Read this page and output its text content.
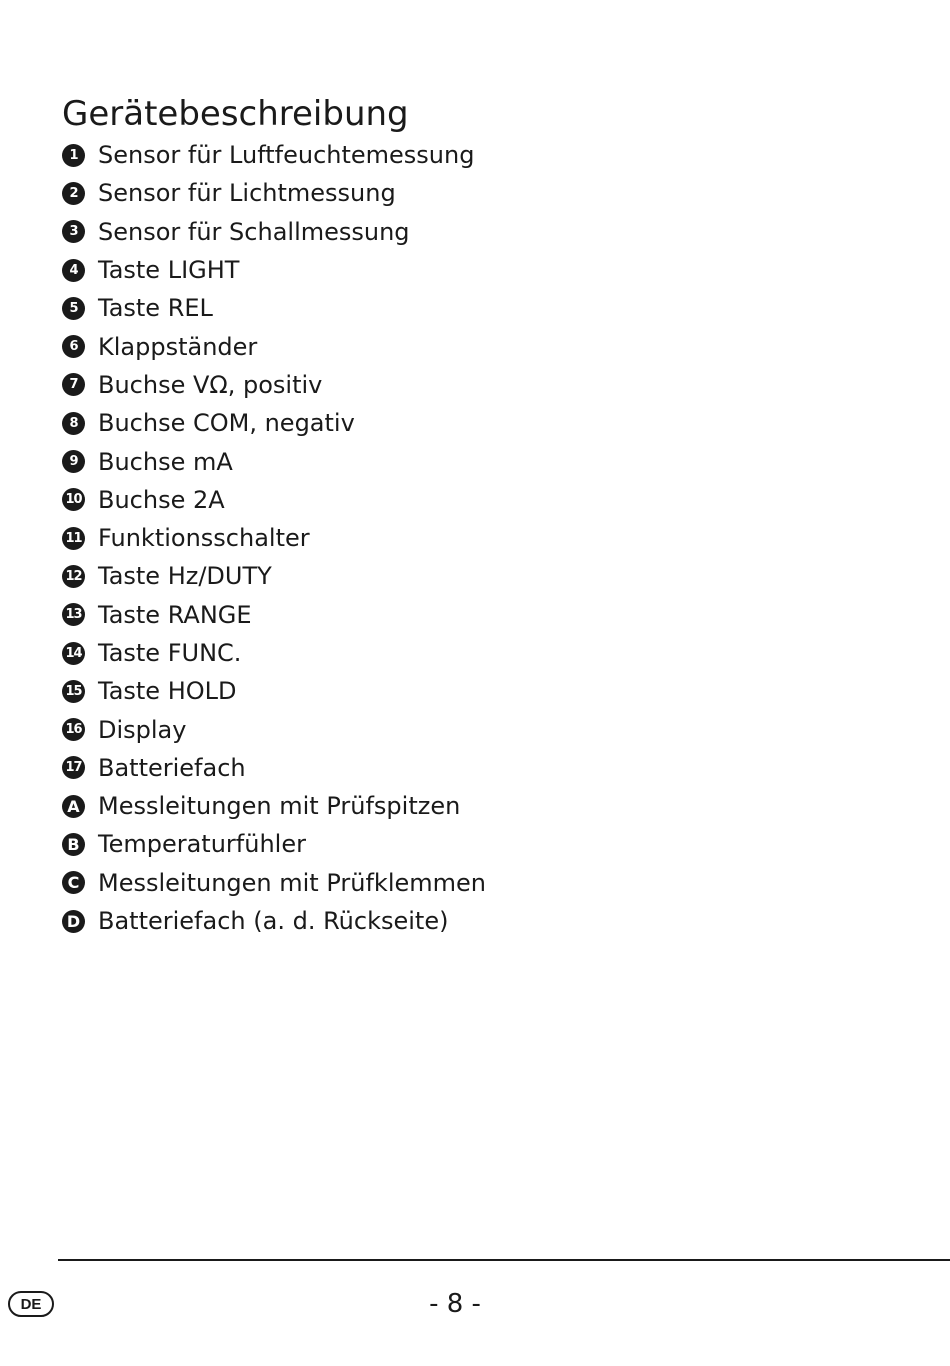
Gerätebeschreibung
1 Sensor für Luftfeuchtemessung
2 Sensor für Lichtmessung
3 Sensor für Schallmessung
4 Taste LIGHT
5 Taste REL
6 Klappständer
7 Buchse VΩ, positiv
8 Buchse COM, negativ
9 Buchse mA
10 Buchse 2A
11 Funktionsschalter
12 Taste Hz/DUTY
13 Taste RANGE
14 Taste FUNC.
15 Taste HOLD
16 Display
17 Batteriefach
A Messleitungen mit Prüfspitzen
B Temperaturfühler
C Messleitungen mit Prüfklemmen
D Batteriefach (a. d. Rückseite)
DE	- 8 -
